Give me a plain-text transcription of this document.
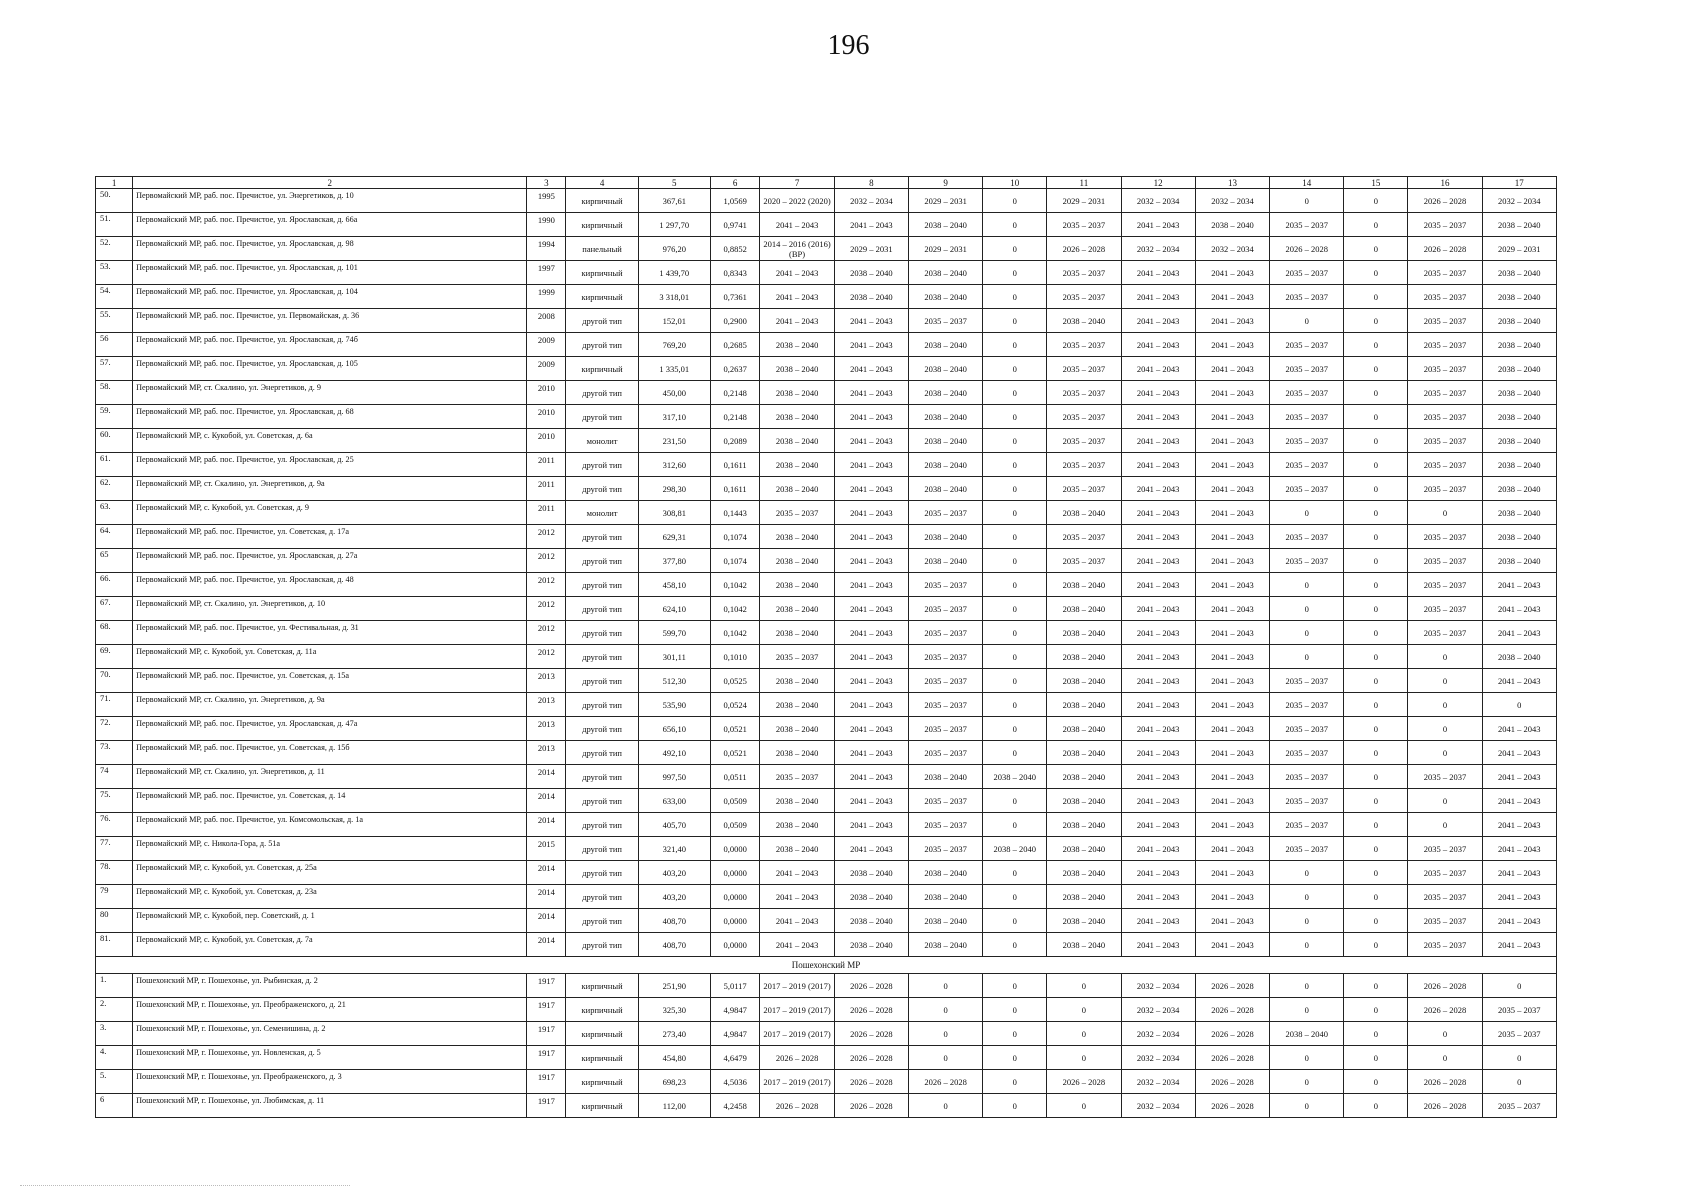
196
1	2	3	4	5	6	7	8	9	10	11	12	13	14	15	16	17
50.	Первомайский МР, раб. пос. Пречистое, ул. Энергетиков, д. 10	1995	кирпичный	367,61	1,0569	2020 – 2022 (2020)	2032 – 2034	2029 – 2031	0	2029 – 2031	2032 – 2034	2032 – 2034	0	0	2026 – 2028	2032 – 2034
51.	Первомайский МР, раб. пос. Пречистое, ул. Ярославская, д. 66а	1990	кирпичный	1 297,70	0,9741	2041 – 2043	2041 – 2043	2038 – 2040	0	2035 – 2037	2041 – 2043	2038 – 2040	2035 – 2037	0	2035 – 2037	2038 – 2040
52.	Первомайский МР, раб. пос. Пречистое, ул. Ярославская, д. 98	1994	панельный	976,20	0,8852	2014 – 2016 (2016) (ВР)	2029 – 2031	2029 – 2031	0	2026 – 2028	2032 – 2034	2032 – 2034	2026 – 2028	0	2026 – 2028	2029 – 2031
53.	Первомайский МР, раб. пос. Пречистое, ул. Ярославская, д. 101	1997	кирпичный	1 439,70	0,8343	2041 – 2043	2038 – 2040	2038 – 2040	0	2035 – 2037	2041 – 2043	2041 – 2043	2035 – 2037	0	2035 – 2037	2038 – 2040
54.	Первомайский МР, раб. пос. Пречистое, ул. Ярославская, д. 104	1999	кирпичный	3 318,01	0,7361	2041 – 2043	2038 – 2040	2038 – 2040	0	2035 – 2037	2041 – 2043	2041 – 2043	2035 – 2037	0	2035 – 2037	2038 – 2040
55.	Первомайский МР, раб. пос. Пречистое, ул. Первомайская, д. 36	2008	другой тип	152,01	0,2900	2041 – 2043	2041 – 2043	2035 – 2037	0	2038 – 2040	2041 – 2043	2041 – 2043	0	0	2035 – 2037	2038 – 2040
56	Первомайский МР, раб. пос. Пречистое, ул. Ярославская, д. 74б	2009	другой тип	769,20	0,2685	2038 – 2040	2041 – 2043	2038 – 2040	0	2035 – 2037	2041 – 2043	2041 – 2043	2035 – 2037	0	2035 – 2037	2038 – 2040
57.	Первомайский МР, раб. пос. Пречистое, ул. Ярославская, д. 105	2009	кирпичный	1 335,01	0,2637	2038 – 2040	2041 – 2043	2038 – 2040	0	2035 – 2037	2041 – 2043	2041 – 2043	2035 – 2037	0	2035 – 2037	2038 – 2040
58.	Первомайский МР, ст. Скалино, ул. Энергетиков, д. 9	2010	другой тип	450,00	0,2148	2038 – 2040	2041 – 2043	2038 – 2040	0	2035 – 2037	2041 – 2043	2041 – 2043	2035 – 2037	0	2035 – 2037	2038 – 2040
59.	Первомайский МР, раб. пос. Пречистое, ул. Ярославская, д. 68	2010	другой тип	317,10	0,2148	2038 – 2040	2041 – 2043	2038 – 2040	0	2035 – 2037	2041 – 2043	2041 – 2043	2035 – 2037	0	2035 – 2037	2038 – 2040
60.	Первомайский МР, с. Кукобой, ул. Советская, д. 6а	2010	монолит	231,50	0,2089	2038 – 2040	2041 – 2043	2038 – 2040	0	2035 – 2037	2041 – 2043	2041 – 2043	2035 – 2037	0	2035 – 2037	2038 – 2040
61.	Первомайский МР, раб. пос. Пречистое, ул. Ярославская, д. 25	2011	другой тип	312,60	0,1611	2038 – 2040	2041 – 2043	2038 – 2040	0	2035 – 2037	2041 – 2043	2041 – 2043	2035 – 2037	0	2035 – 2037	2038 – 2040
62.	Первомайский МР, ст. Скалино, ул. Энергетиков, д. 9а	2011	другой тип	298,30	0,1611	2038 – 2040	2041 – 2043	2038 – 2040	0	2035 – 2037	2041 – 2043	2041 – 2043	2035 – 2037	0	2035 – 2037	2038 – 2040
63.	Первомайский МР, с. Кукобой, ул. Советская, д. 9	2011	монолит	308,81	0,1443	2035 – 2037	2041 – 2043	2035 – 2037	0	2038 – 2040	2041 – 2043	2041 – 2043	0	0	0	2038 – 2040
64.	Первомайский МР, раб. пос. Пречистое, ул. Советская, д. 17а	2012	другой тип	629,31	0,1074	2038 – 2040	2041 – 2043	2038 – 2040	0	2035 – 2037	2041 – 2043	2041 – 2043	2035 – 2037	0	2035 – 2037	2038 – 2040
65	Первомайский МР, раб. пос. Пречистое, ул. Ярославская, д. 27а	2012	другой тип	377,80	0,1074	2038 – 2040	2041 – 2043	2038 – 2040	0	2035 – 2037	2041 – 2043	2041 – 2043	2035 – 2037	0	2035 – 2037	2038 – 2040
66.	Первомайский МР, раб. пос. Пречистое, ул. Ярославская, д. 48	2012	другой тип	458,10	0,1042	2038 – 2040	2041 – 2043	2035 – 2037	0	2038 – 2040	2041 – 2043	2041 – 2043	0	0	2035 – 2037	2041 – 2043
67.	Первомайский МР, ст. Скалино, ул. Энергетиков, д. 10	2012	другой тип	624,10	0,1042	2038 – 2040	2041 – 2043	2035 – 2037	0	2038 – 2040	2041 – 2043	2041 – 2043	0	0	2035 – 2037	2041 – 2043
68.	Первомайский МР, раб. пос. Пречистое, ул. Фестивальная, д. 31	2012	другой тип	599,70	0,1042	2038 – 2040	2041 – 2043	2035 – 2037	0	2038 – 2040	2041 – 2043	2041 – 2043	0	0	2035 – 2037	2041 – 2043
69.	Первомайский МР, с. Кукобой, ул. Советская, д. 11а	2012	другой тип	301,11	0,1010	2035 – 2037	2041 – 2043	2035 – 2037	0	2038 – 2040	2041 – 2043	2041 – 2043	0	0	0	2038 – 2040
70.	Первомайский МР, раб. пос. Пречистое, ул. Советская, д. 15а	2013	другой тип	512,30	0,0525	2038 – 2040	2041 – 2043	2035 – 2037	0	2038 – 2040	2041 – 2043	2041 – 2043	2035 – 2037	0	0	2041 – 2043
71.	Первомайский МР, ст. Скалино, ул. Энергетиков, д. 9а	2013	другой тип	535,90	0,0524	2038 – 2040	2041 – 2043	2035 – 2037	0	2038 – 2040	2041 – 2043	2041 – 2043	2035 – 2037	0	0	0
72.	Первомайский МР, раб. пос. Пречистое, ул. Ярославская, д. 47а	2013	другой тип	656,10	0,0521	2038 – 2040	2041 – 2043	2035 – 2037	0	2038 – 2040	2041 – 2043	2041 – 2043	2035 – 2037	0	0	2041 – 2043
73.	Первомайский МР, раб. пос. Пречистое, ул. Советская, д. 15б	2013	другой тип	492,10	0,0521	2038 – 2040	2041 – 2043	2035 – 2037	0	2038 – 2040	2041 – 2043	2041 – 2043	2035 – 2037	0	0	2041 – 2043
74	Первомайский МР, ст. Скалино, ул. Энергетиков, д. 11	2014	другой тип	997,50	0,0511	2035 – 2037	2041 – 2043	2038 – 2040	2038 – 2040	2038 – 2040	2041 – 2043	2041 – 2043	2035 – 2037	0	2035 – 2037	2041 – 2043
75.	Первомайский МР, раб. пос. Пречистое, ул. Советская, д. 14	2014	другой тип	633,00	0,0509	2038 – 2040	2041 – 2043	2035 – 2037	0	2038 – 2040	2041 – 2043	2041 – 2043	2035 – 2037	0	0	2041 – 2043
76.	Первомайский МР, раб. пос. Пречистое, ул. Комсомольская, д. 1а	2014	другой тип	405,70	0,0509	2038 – 2040	2041 – 2043	2035 – 2037	0	2038 – 2040	2041 – 2043	2041 – 2043	2035 – 2037	0	0	2041 – 2043
77.	Первомайский МР, с. Никола-Гора, д. 51а	2015	другой тип	321,40	0,0000	2038 – 2040	2041 – 2043	2035 – 2037	2038 – 2040	2038 – 2040	2041 – 2043	2041 – 2043	2035 – 2037	0	2035 – 2037	2041 – 2043
78.	Первомайский МР, с. Кукобой, ул. Советская, д. 25а	2014	другой тип	403,20	0,0000	2041 – 2043	2038 – 2040	2038 – 2040	0	2038 – 2040	2041 – 2043	2041 – 2043	0	0	2035 – 2037	2041 – 2043
79	Первомайский МР, с. Кукобой, ул. Советская, д. 23а	2014	другой тип	403,20	0,0000	2041 – 2043	2038 – 2040	2038 – 2040	0	2038 – 2040	2041 – 2043	2041 – 2043	0	0	2035 – 2037	2041 – 2043
80	Первомайский МР, с. Кукобой, пер. Советский, д. 1	2014	другой тип	408,70	0,0000	2041 – 2043	2038 – 2040	2038 – 2040	0	2038 – 2040	2041 – 2043	2041 – 2043	0	0	2035 – 2037	2041 – 2043
81.	Первомайский МР, с. Кукобой, ул. Советская, д. 7а	2014	другой тип	408,70	0,0000	2041 – 2043	2038 – 2040	2038 – 2040	0	2038 – 2040	2041 – 2043	2041 – 2043	0	0	2035 – 2037	2041 – 2043
Пошехонский МР																
1.	Пошехонский МР, г. Пошехонье, ул. Рыбинская, д. 2	1917	кирпичный	251,90	5,0117	2017 – 2019 (2017)	2026 – 2028	0	0	0	2032 – 2034	2026 – 2028	0	0	2026 – 2028	0
2.	Пошехонский МР, г. Пошехонье, ул. Преображенского, д. 21	1917	кирпичный	325,30	4,9847	2017 – 2019 (2017)	2026 – 2028	0	0	0	2032 – 2034	2026 – 2028	0	0	2026 – 2028	2035 – 2037
3.	Пошехонский МР, г. Пошехонье, ул. Семенишина, д. 2	1917	кирпичный	273,40	4,9847	2017 – 2019 (2017)	2026 – 2028	0	0	0	2032 – 2034	2026 – 2028	2038 – 2040	0	0	2035 – 2037
4.	Пошехонский МР, г. Пошехонье, ул. Новленская, д. 5	1917	кирпичный	454,80	4,6479	2026 – 2028	2026 – 2028	0	0	0	2032 – 2034	2026 – 2028	0	0	0	0
5.	Пошехонский МР, г. Пошехонье, ул. Преображенского, д. 3	1917	кирпичный	698,23	4,5036	2017 – 2019 (2017)	2026 – 2028	2026 – 2028	0	2026 – 2028	2032 – 2034	2026 – 2028	0	0	2026 – 2028	0
6	Пошехонский МР, г. Пошехонье, ул. Любимская, д. 11	1917	кирпичный	112,00	4,2458	2026 – 2028	2026 – 2028	0	0	0	2032 – 2034	2026 – 2028	0	0	2026 – 2028	2035 – 2037
